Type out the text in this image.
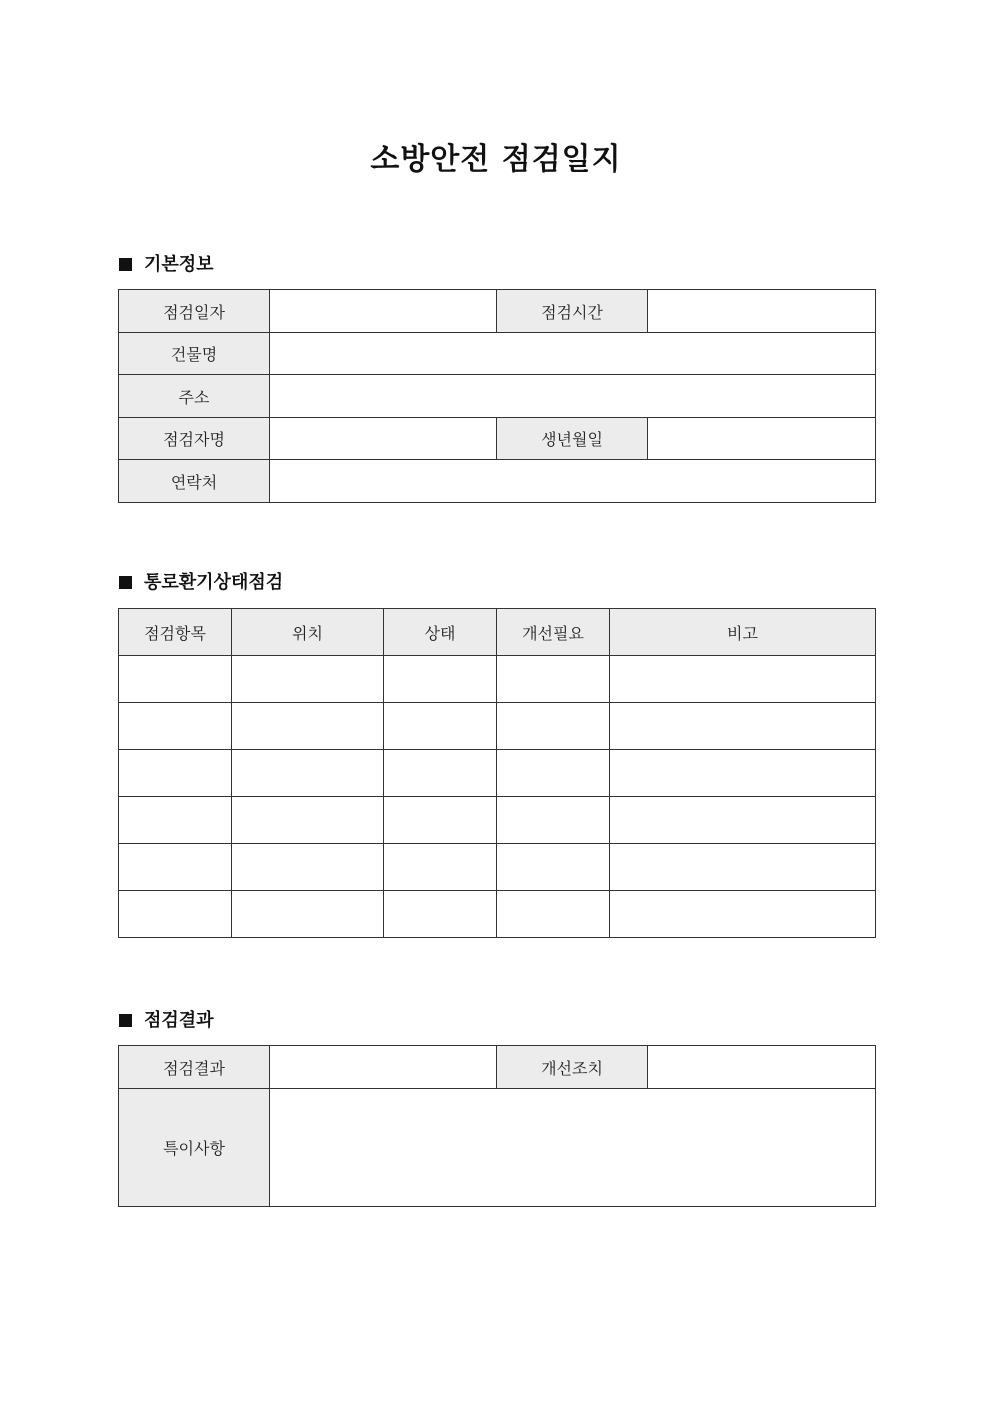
소방안전 점검일지
기본정보
점검일자		점검시간	
건물명			
주소			
점검자명		생년월일	
연락처			
통로환기상태점검
점검항목	위치	상태	개선필요	비고

점검결과
점검결과		개선조치	
특이사항			
